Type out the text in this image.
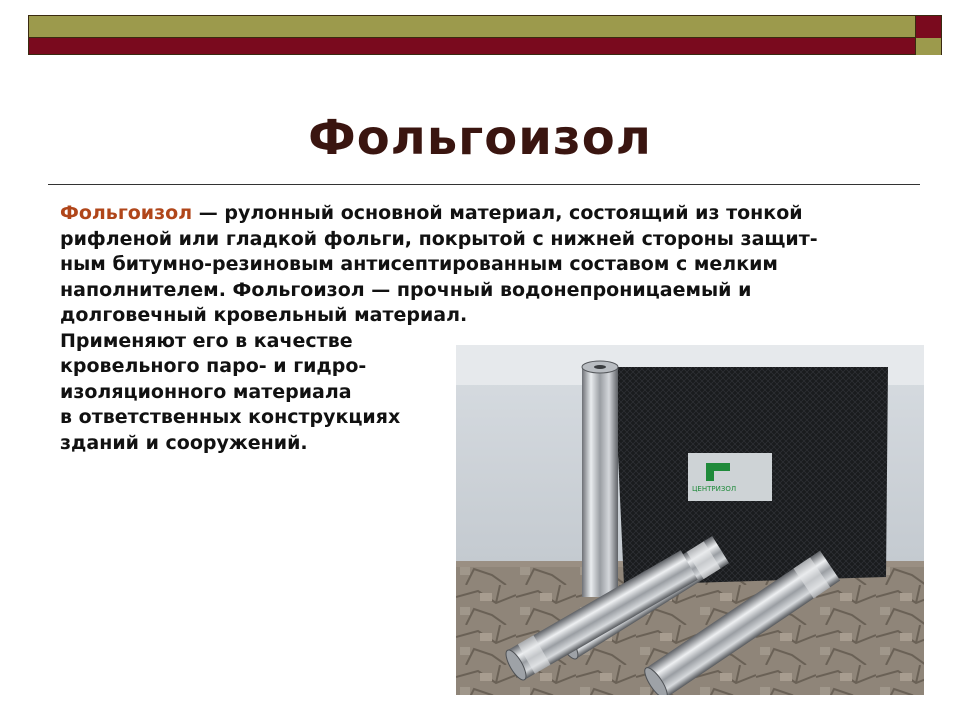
Фольгоизол
Фольгоизол — рулонный основной материал, состоящий из тонкой
рифленой или гладкой фольги, покрытой с нижней стороны защит-
ным битумно-резиновым антисептированным составом с мелким
наполнителем. Фольгоизол — прочный водонепроницаемый и
долговечный кровельный материал.
Применяют его в качестве
кровельного паро- и гидро-
изоляционного материала
в ответственных конструкциях
зданий и сооружений.
ЦЕНТРИЗОЛ
